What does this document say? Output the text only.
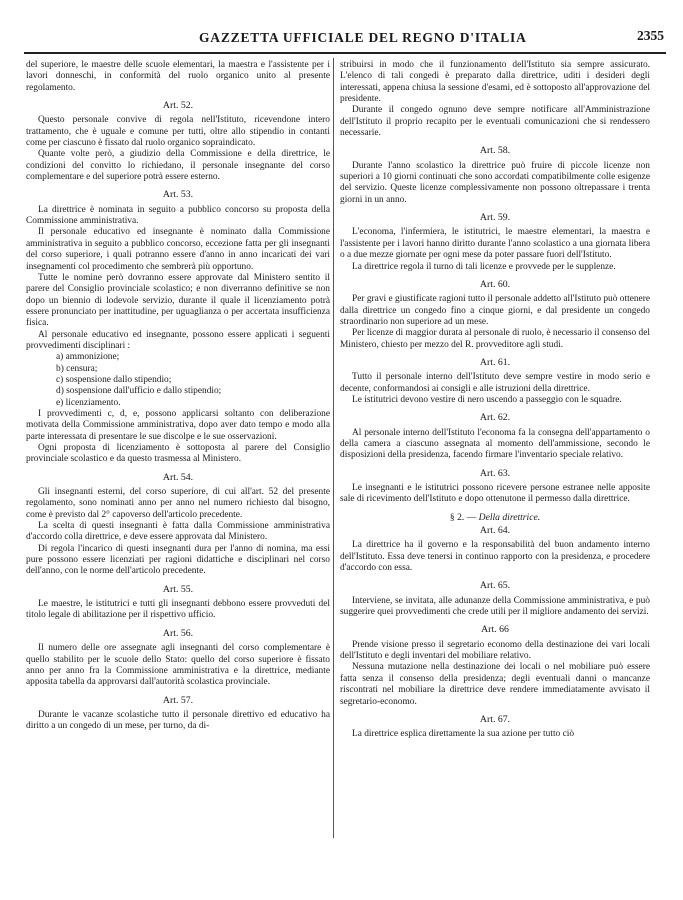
GAZZETTA UFFICIALE DEL REGNO D'ITALIA	2355

del superiore, le maestre delle scuole elementari, la maestra e l'assistente per i lavori donneschi, in conformità del ruolo organico unito al presente regolamento.

Art. 52.

Questo personale convive di regola nell'Istituto, ricevendone intero trattamento, che è uguale e comune per tutti, oltre allo stipendio in contanti come per ciascuno è fissato dal ruolo organico sopraindicato.

Quante volte però, a giudizio della Commissione e della direttrice, le condizioni del convitto lo richiedano, il personale insegnante del corso complementare e del superiore potrà essere esterno.

Art. 53.

La direttrice è nominata in seguito a pubblico concorso su proposta della Commissione amministrativa.

Il personale educativo ed insegnante è nominato dalla Commissione amministrativa in seguito a pubblico concorso, eccezione fatta per gli insegnanti del corso superiore, i quali potranno essere d'anno in anno incaricati dei vari insegnamenti col procedimento che sembrerà più opportuno.

Tutte le nomine però dovranno essere approvate dal Ministero sentito il parere del Consiglio provinciale scolastico; e non diverranno definitive se non dopo un biennio di lodevole servizio, durante il quale il licenziamento potrà essere pronunciato per inattitudine, per uguaglianza o per accertata insufficienza fisica.

Al personale educativo ed insegnante, possono essere applicati i seguenti provvedimenti disciplinari :

a) ammonizione;

b) censura;

c) sospensione dallo stipendio;

d) sospensione dall'ufficio e dallo stipendio;

e) licenziamento.

I provvedimenti c, d, e, possono applicarsi soltanto con deliberazione motivata della Commissione amministrativa, dopo aver dato tempo e modo alla parte interessata di presentare le sue discolpe e le sue osservazioni.

Ogni proposta di licenziamento è sottoposta al parere del Consiglio provinciale scolastico e da questo trasmessa al Ministero.

Art. 54.

Gli insegnanti esterni, del corso superiore, di cui all'art. 52 del presente regolamento, sono nominati anno per anno nel numero richiesto dal bisogno, come è previsto dal 2° capoverso dell'articolo precedente.

La scelta di questi insegnanti è fatta dalla Commissione amministrativa d'accordo colla direttrice, e deve essere approvata dal Ministero.

Di regola l'incarico di questi insegnanti dura per l'anno di nomina, ma essi pure possono essere licenziati per ragioni didattiche e disciplinari nel corso dell'anno, con le norme dell'articolo precedente.

Art. 55.

Le maestre, le istitutrici e tutti gli insegnanti debbono essere provveduti del titolo legale di abilitazione per il rispettivo ufficio.

Art. 56.

Il numero delle ore assegnate agli insegnanti del corso complementare è quello stabilito per le scuole dello Stato: quello del corso superiore è fissato anno per anno fra la Commissione amministrativa e la direttrice, mediante apposita tabella da approvarsi dall'autorità scolastica provinciale.

Art. 57.

Durante le vacanze scolastiche tutto il personale direttivo ed educativo ha diritto a un congedo di un mese, per turno, da di-

stribuirsi in modo che il funzionamento dell'Istituto sia sempre assicurato. L'elenco di tali congedi è preparato dalla direttrice, uditi i desideri degli interessati, appena chiusa la sessione d'esami, ed è sottoposto all'approvazione del presidente.

Durante il congedo ognuno deve sempre notificare all'Amministrazione dell'Istituto il proprio recapito per le eventuali comunicazioni che si rendessero necessarie.

Art. 58.

Durante l'anno scolastico la direttrice può fruire di piccole licenze non superiori a 10 giorni continuati che sono accordati compatibilmente colle esigenze del servizio. Queste licenze complessivamente non possono oltrepassare i trenta giorni in un anno.

Art. 59.

L'economa, l'infermiera, le istitutrici, le maestre elementari, la maestra e l'assistente per i lavori hanno diritto durante l'anno scolastico a una giornata libera o a due mezze giornate per ogni mese da poter passare fuori dell'Istituto.

La direttrice regola il turno di tali licenze e provvede per le supplenze.

Art. 60.

Per gravi e giustificate ragioni tutto il personale addetto all'Istituto può ottenere dalla direttrice un congedo fino a cinque giorni, e dal presidente un congedo straordinario non superiore ad un mese.

Per licenze di maggior durata al personale di ruolo, è necessario il consenso del Ministero, chiesto per mezzo del R. provveditore agli studi.

Art. 61.

Tutto il personale interno dell'Istituto deve sempre vestire in modo serio e decente, conformandosi ai consigli e alle istruzioni della direttrice.

Le istitutrici devono vestire di nero uscendo a passeggio con le squadre.

Art. 62.

Al personale interno dell'Istituto l'economa fa la consegna dell'appartamento o della camera a ciascuno assegnata al momento dell'ammissione, secondo le disposizioni della presidenza, facendo firmare l'inventario speciale relativo.

Art. 63.

Le insegnanti e le istitutrici possono ricevere persone estranee nelle apposite sale di ricevimento dell'Istituto e dopo ottenutone il permesso dalla direttrice.

§ 2. — Della direttrice.
Art. 64.

La direttrice ha il governo e la responsabilità del buon andamento interno dell'Istituto. Essa deve tenersi in continuo rapporto con la presidenza, e procedere d'accordo con essa.

Art. 65.

Interviene, se invitata, alle adunanze della Commissione amministrativa, e può suggerire quei provvedimenti che crede utili per il migliore andamento dei servizi.

Art. 66

Prende visione presso il segretario economo della destinazione dei vari locali dell'Istituto e degli inventari del mobiliare relativo.

Nessuna mutazione nella destinazione dei locali o nel mobiliare può essere fatta senza il consenso della presidenza; degli eventuali danni o mancanze riscontrati nel mobiliare la direttrice deve rendere immediatamente avvisato il segretario-economo.

Art. 67.

La direttrice esplica direttamente la sua azione per tutto ciò
